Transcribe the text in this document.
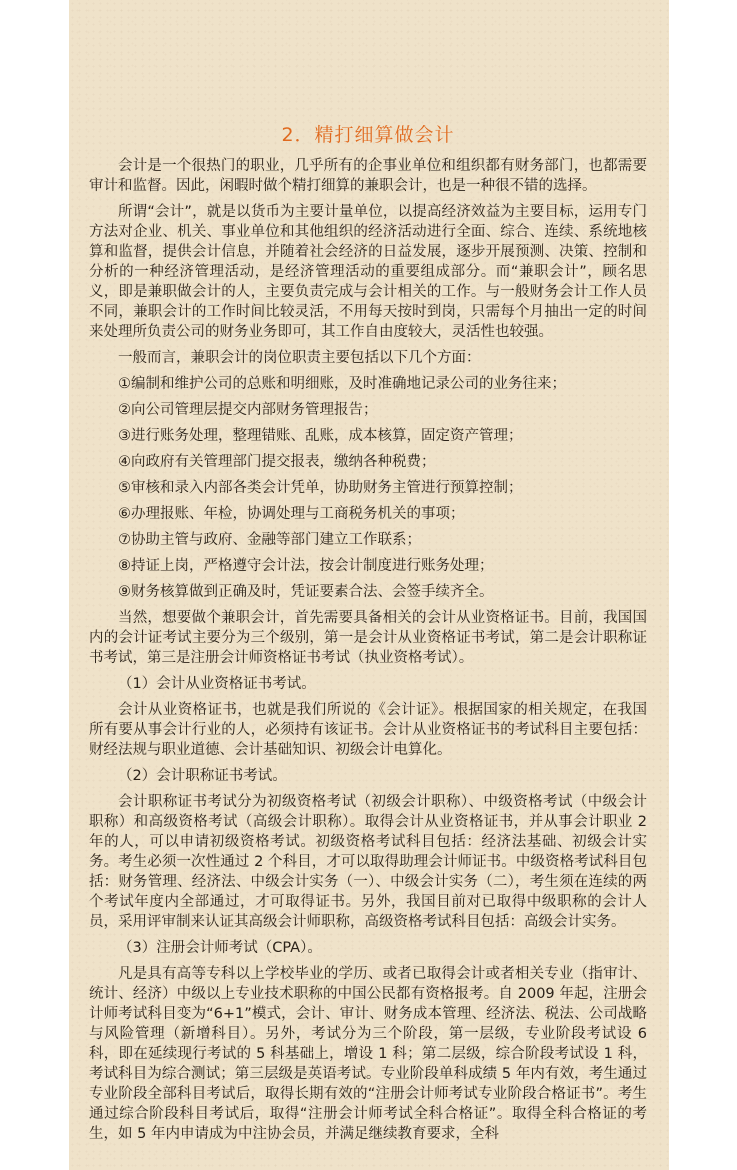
2．精打细算做会计

会计是一个很热门的职业，几乎所有的企事业单位和组织都有财务部门，也都需要审计和监督。因此，闲暇时做个精打细算的兼职会计，也是一种很不错的选择。

所谓“会计”，就是以货币为主要计量单位，以提高经济效益为主要目标，运用专门方法对企业、机关、事业单位和其他组织的经济活动进行全面、综合、连续、系统地核算和监督，提供会计信息，并随着社会经济的日益发展，逐步开展预测、决策、控制和分析的一种经济管理活动，是经济管理活动的重要组成部分。而“兼职会计”，顾名思义，即是兼职做会计的人，主要负责完成与会计相关的工作。与一般财务会计工作人员不同，兼职会计的工作时间比较灵活，不用每天按时到岗，只需每个月抽出一定的时间来处理所负责公司的财务业务即可，其工作自由度较大，灵活性也较强。

一般而言，兼职会计的岗位职责主要包括以下几个方面：

①编制和维护公司的总账和明细账，及时准确地记录公司的业务往来；

②向公司管理层提交内部财务管理报告；

③进行账务处理，整理错账、乱账，成本核算，固定资产管理；

④向政府有关管理部门提交报表，缴纳各种税费；

⑤审核和录入内部各类会计凭单，协助财务主管进行预算控制；

⑥办理报账、年检，协调处理与工商税务机关的事项；

⑦协助主管与政府、金融等部门建立工作联系；

⑧持证上岗，严格遵守会计法，按会计制度进行账务处理；

⑨财务核算做到正确及时，凭证要素合法、会签手续齐全。

当然，想要做个兼职会计，首先需要具备相关的会计从业资格证书。目前，我国国内的会计证考试主要分为三个级别，第一是会计从业资格证书考试，第二是会计职称证书考试，第三是注册会计师资格证书考试（执业资格考试）。

（1）会计从业资格证书考试。

会计从业资格证书，也就是我们所说的《会计证》。根据国家的相关规定，在我国所有要从事会计行业的人，必须持有该证书。会计从业资格证书的考试科目主要包括：财经法规与职业道德、会计基础知识、初级会计电算化。

（2）会计职称证书考试。

会计职称证书考试分为初级资格考试（初级会计职称）、中级资格考试（中级会计职称）和高级资格考试（高级会计职称）。取得会计从业资格证书，并从事会计职业 2 年的人，可以申请初级资格考试。初级资格考试科目包括：经济法基础、初级会计实务。考生必须一次性通过 2 个科目，才可以取得助理会计师证书。中级资格考试科目包括：财务管理、经济法、中级会计实务（一）、中级会计实务（二），考生须在连续的两个考试年度内全部通过，才可取得证书。另外，我国目前对已取得中级职称的会计人员，采用评审制来认证其高级会计师职称，高级资格考试科目包括：高级会计实务。

（3）注册会计师考试（CPA）。

凡是具有高等专科以上学校毕业的学历、或者已取得会计或者相关专业（指审计、统计、经济）中级以上专业技术职称的中国公民都有资格报考。自 2009 年起，注册会计师考试科目变为“6+1”模式，会计、审计、财务成本管理、经济法、税法、公司战略与风险管理（新增科目）。另外，考试分为三个阶段，第一层级，专业阶段考试设 6 科，即在延续现行考试的 5 科基础上，增设 1 科；第二层级，综合阶段考试设 1 科，考试科目为综合测试；第三层级是英语考试。专业阶段单科成绩 5 年内有效，考生通过专业阶段全部科目考试后，取得长期有效的“注册会计师考试专业阶段合格证书”。考生通过综合阶段科目考试后，取得“注册会计师考试全科合格证”。取得全科合格证的考生，如 5 年内申请成为中注协会员，并满足继续教育要求，全科
